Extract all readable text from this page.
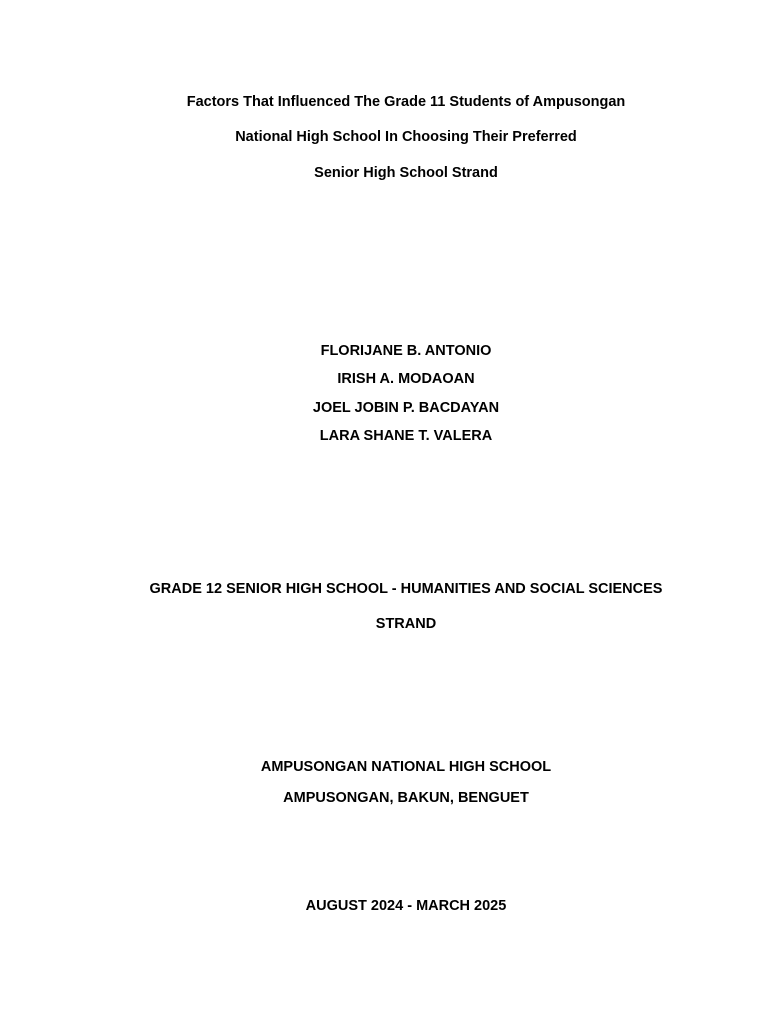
Factors That Influenced The Grade 11 Students of Ampusongan
National High School In Choosing Their Preferred
Senior High School Strand
FLORIJANE B. ANTONIO
IRISH A. MODAOAN
JOEL JOBIN P. BACDAYAN
LARA SHANE T. VALERA
GRADE 12 SENIOR HIGH SCHOOL - HUMANITIES AND SOCIAL SCIENCES
STRAND
AMPUSONGAN NATIONAL HIGH SCHOOL
AMPUSONGAN, BAKUN, BENGUET
AUGUST 2024 - MARCH 2025
